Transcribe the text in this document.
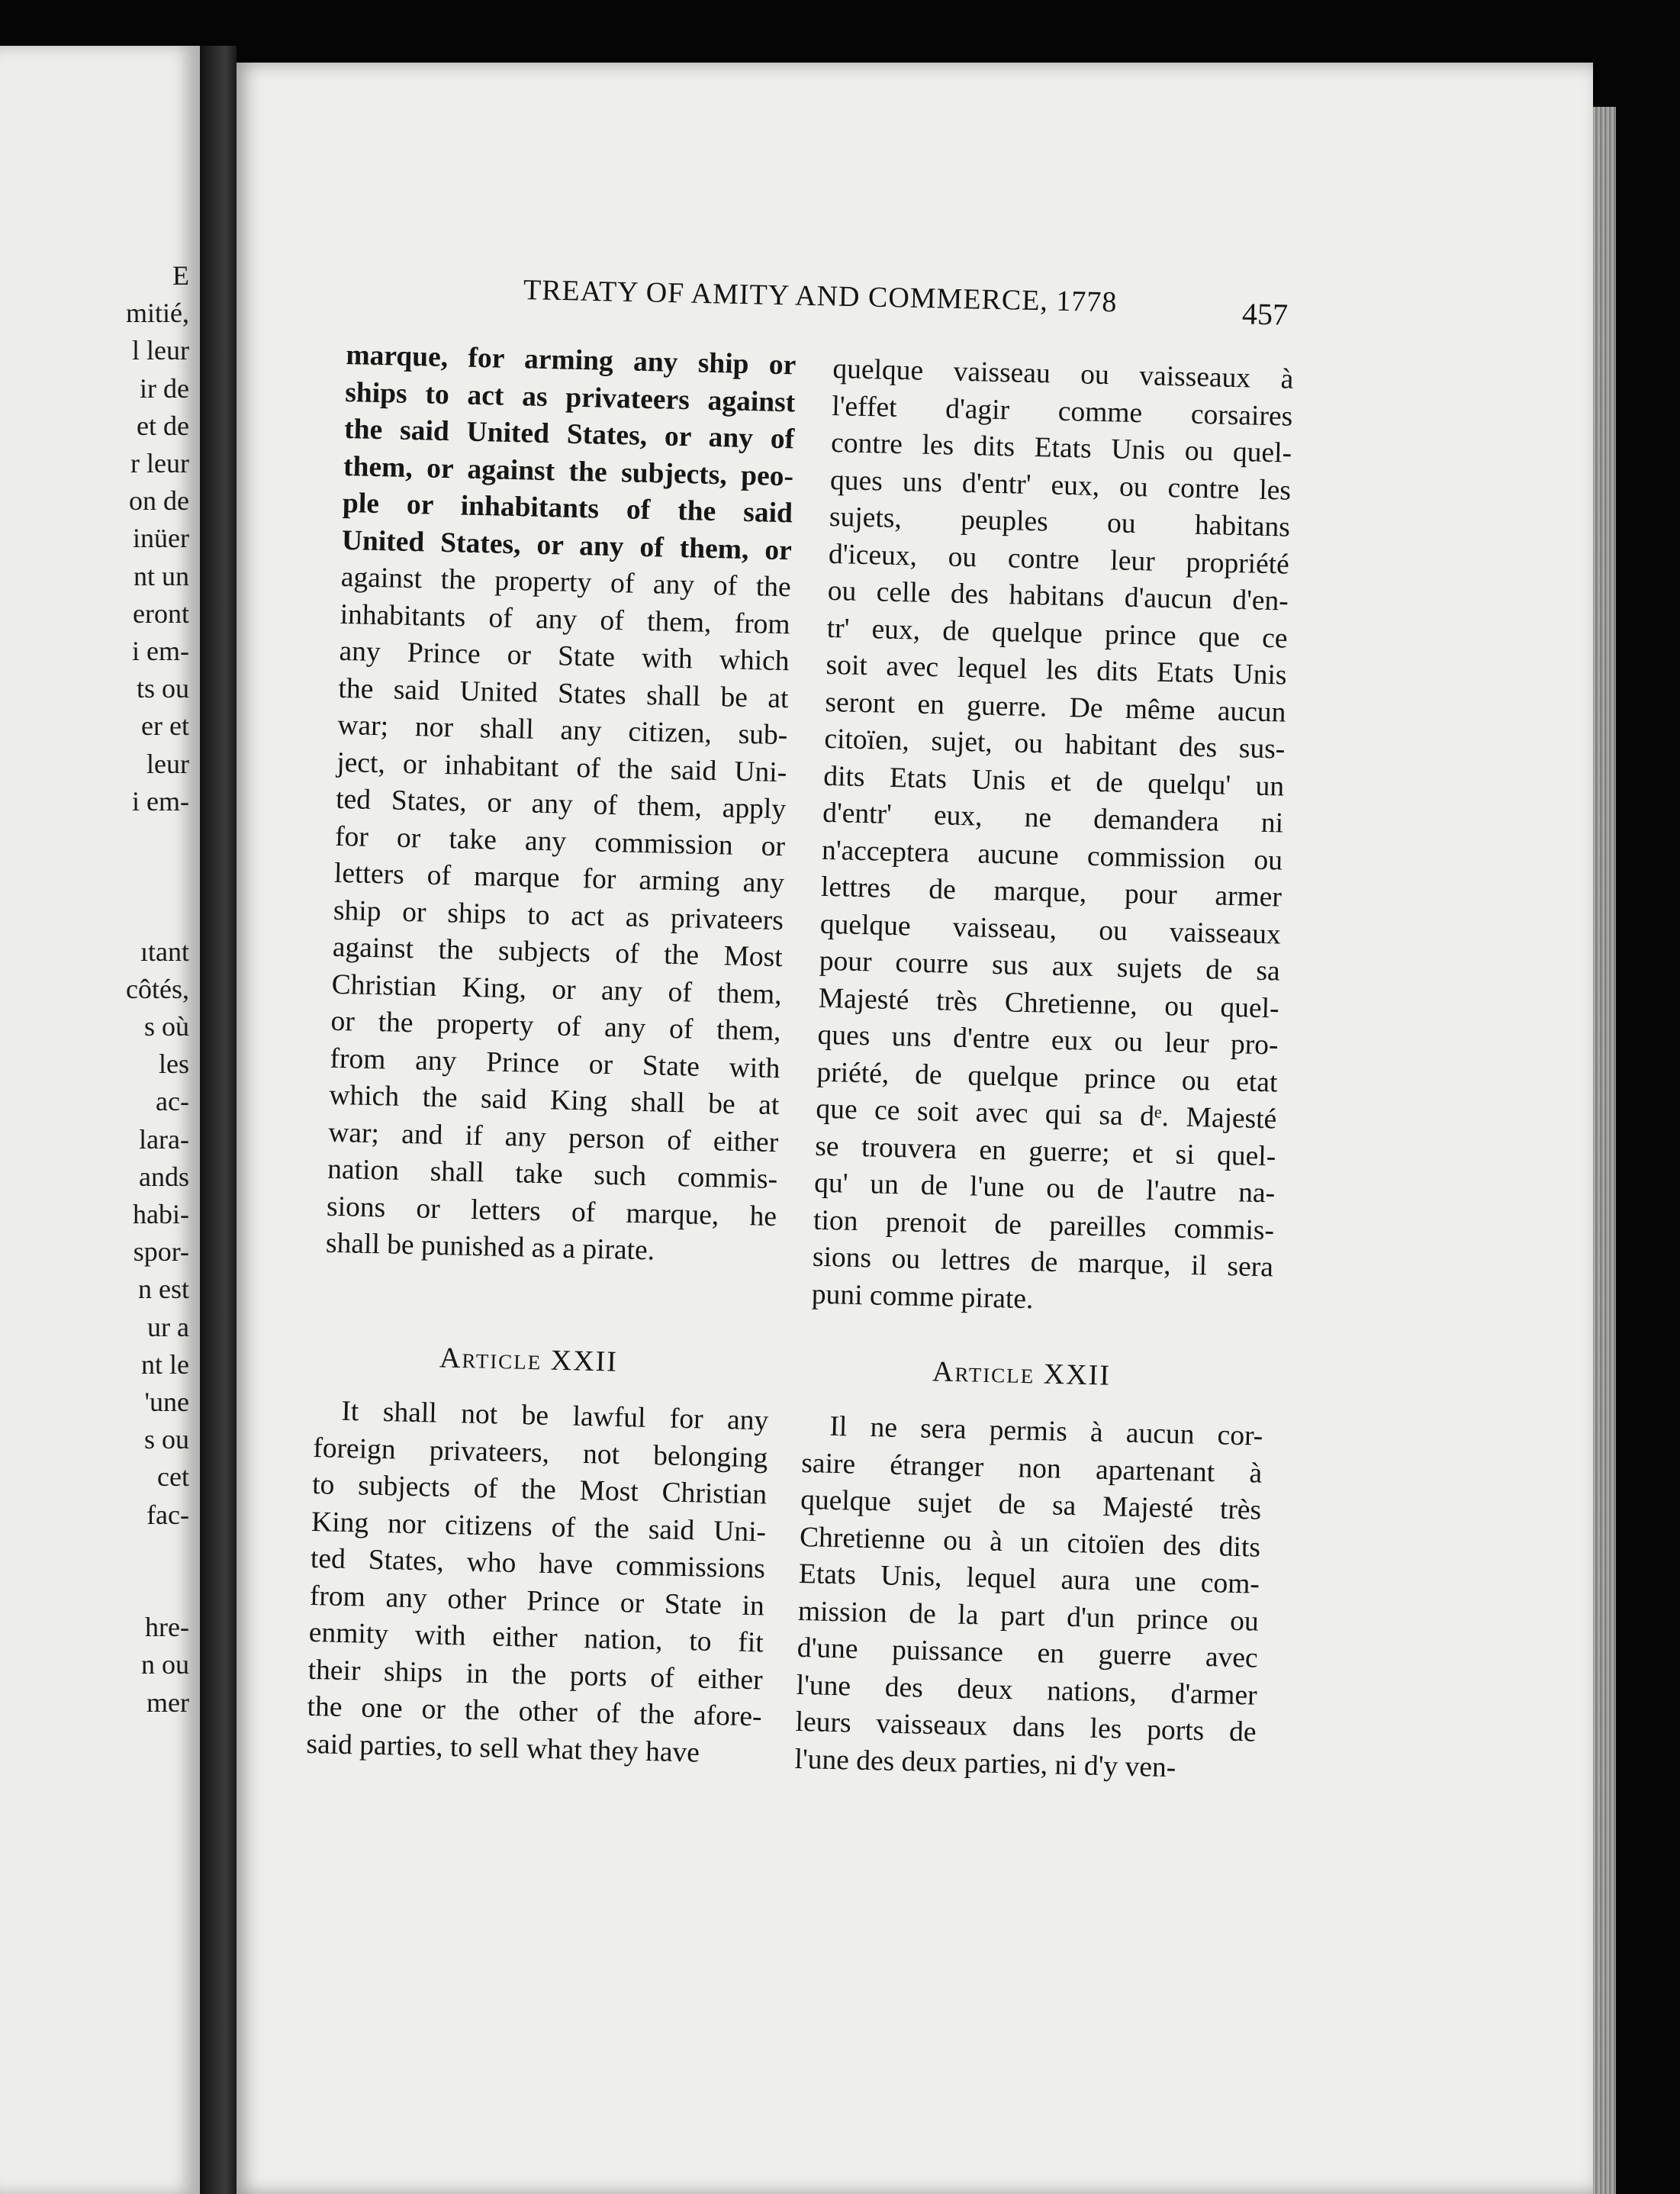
E
mitié,
l leur
ir de
et de
r leur
on de
inüer
nt un
eront
i em-
ts ou
er et
leur
i em-
ıtant
côtés,
s où
les
ac-
lara-
ands
habi-
spor-
n est
ur a
nt le
'une
s ou
cet
fac-
hre-
n ou
mer
TREATY OF AMITY AND COMMERCE, 1778	457
marque, for arming any ship or
ships to act as privateers against
the said United States, or any of
them, or against the subjects, peo-
ple or inhabitants of the said
United States, or any of them, or
against the property of any of the
inhabitants of any of them, from
any Prince or State with which
the said United States shall be at
war; nor shall any citizen, sub-
ject, or inhabitant of the said Uni-
ted States, or any of them, apply
for or take any commission or
letters of marque for arming any
ship or ships to act as privateers
against the subjects of the Most
Christian King, or any of them,
or the property of any of them,
from any Prince or State with
which the said King shall be at
war; and if any person of either
nation shall take such commis-
sions or letters of marque, he
shall be punished as a pirate.
quelque vaisseau ou vaisseaux à
l'effet d'agir comme corsaires
contre les dits Etats Unis ou quel-
ques uns d'entr' eux, ou contre les
sujets, peuples ou habitans
d'iceux, ou contre leur propriété
ou celle des habitans d'aucun d'en-
tr' eux, de quelque prince que ce
soit avec lequel les dits Etats Unis
seront en guerre. De même aucun
citoïen, sujet, ou habitant des sus-
dits Etats Unis et de quelqu' un
d'entr' eux, ne demandera ni
n'acceptera aucune commission ou
lettres de marque, pour armer
quelque vaisseau, ou vaisseaux
pour courre sus aux sujets de sa
Majesté très Chretienne, ou quel-
ques uns d'entre eux ou leur pro-
priété, de quelque prince ou etat
que ce soit avec qui sa dᵉ. Majesté
se trouvera en guerre; et si quel-
qu' un de l'une ou de l'autre na-
tion prenoit de pareilles commis-
sions ou lettres de marque, il sera
puni comme pirate.
Article XXII	Article XXII
It shall not be lawful for any
foreign privateers, not belonging
to subjects of the Most Christian
King nor citizens of the said Uni-
ted States, who have commissions
from any other Prince or State in
enmity with either nation, to fit
their ships in the ports of either
the one or the other of the afore-
said parties, to sell what they have
Il ne sera permis à aucun cor-
saire étranger non apartenant à
quelque sujet de sa Majesté très
Chretienne ou à un citoïen des dits
Etats Unis, lequel aura une com-
mission de la part d'un prince ou
d'une puissance en guerre avec
l'une des deux nations, d'armer
leurs vaisseaux dans les ports de
l'une des deux parties, ni d'y ven-
